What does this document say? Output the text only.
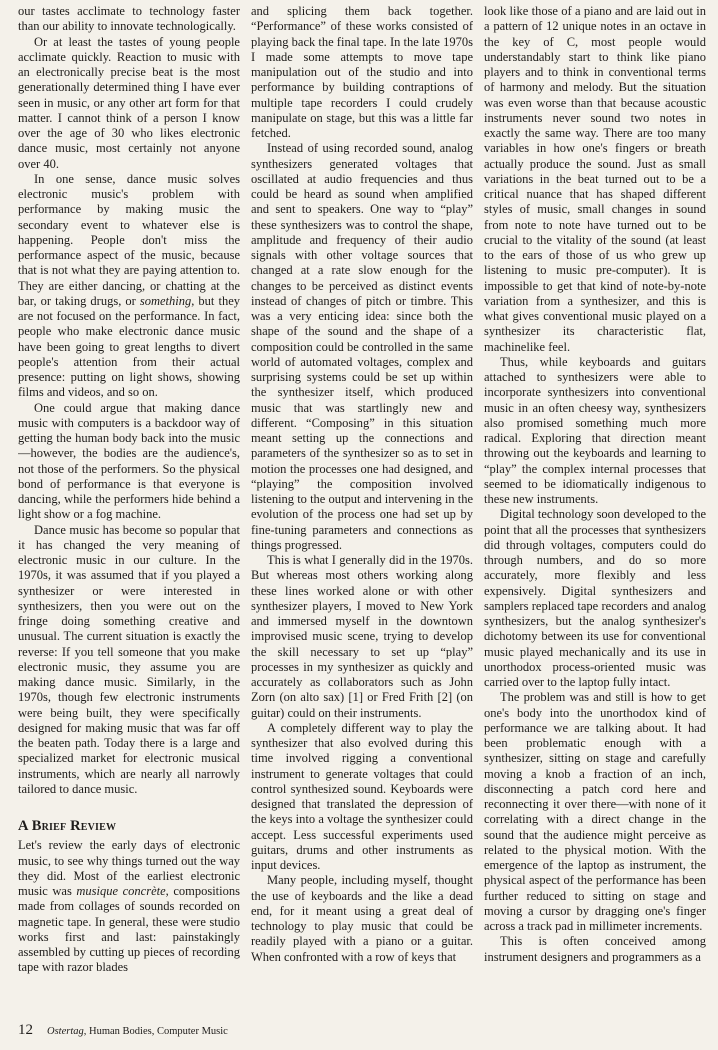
our tastes acclimate to technology faster than our ability to innovate technologically.

Or at least the tastes of young people acclimate quickly. Reaction to music with an electronically precise beat is the most generationally determined thing I have ever seen in music, or any other art form for that matter. I cannot think of a person I know over the age of 30 who likes electronic dance music, most certainly not anyone over 40.

In one sense, dance music solves electronic music's problem with performance by making music the secondary event to whatever else is happening. People don't miss the performance aspect of the music, because that is not what they are paying attention to. They are either dancing, or chatting at the bar, or taking drugs, or something, but they are not focused on the performance. In fact, people who make electronic dance music have been going to great lengths to divert people's attention from their actual presence: putting on light shows, showing films and videos, and so on.

One could argue that making dance music with computers is a backdoor way of getting the human body back into the music—however, the bodies are the audience's, not those of the performers. So the physical bond of performance is that everyone is dancing, while the performers hide behind a light show or a fog machine.

Dance music has become so popular that it has changed the very meaning of electronic music in our culture. In the 1970s, it was assumed that if you played a synthesizer or were interested in synthesizers, then you were out on the fringe doing something creative and unusual. The current situation is exactly the reverse: If you tell someone that you make electronic music, they assume you are making dance music. Similarly, in the 1970s, though few electronic instruments were being built, they were specifically designed for making music that was far off the beaten path. Today there is a large and specialized market for electronic musical instruments, which are nearly all narrowly tailored to dance music.

A Brief Review

Let's review the early days of electronic music, to see why things turned out the way they did. Most of the earliest electronic music was musique concrète, compositions made from collages of sounds recorded on magnetic tape. In general, these were studio works first and last: painstakingly assembled by cutting up pieces of recording tape with razor blades

and splicing them back together. “Performance” of these works consisted of playing back the final tape. In the late 1970s I made some attempts to move tape manipulation out of the studio and into performance by building contraptions of multiple tape recorders I could crudely manipulate on stage, but this was a little far fetched.

Instead of using recorded sound, analog synthesizers generated voltages that oscillated at audio frequencies and thus could be heard as sound when amplified and sent to speakers. One way to “play” these synthesizers was to control the shape, amplitude and frequency of their audio signals with other voltage sources that changed at a rate slow enough for the changes to be perceived as distinct events instead of changes of pitch or timbre. This was a very enticing idea: since both the shape of the sound and the shape of a composition could be controlled in the same world of automated voltages, complex and surprising systems could be set up within the synthesizer itself, which produced music that was startlingly new and different. “Composing” in this situation meant setting up the connections and parameters of the synthesizer so as to set in motion the processes one had designed, and “playing” the composition involved listening to the output and intervening in the evolution of the process one had set up by fine-tuning parameters and connections as things progressed.

This is what I generally did in the 1970s. But whereas most others working along these lines worked alone or with other synthesizer players, I moved to New York and immersed myself in the downtown improvised music scene, trying to develop the skill necessary to set up “play” processes in my synthesizer as quickly and accurately as collaborators such as John Zorn (on alto sax) [1] or Fred Frith [2] (on guitar) could on their instruments.

A completely different way to play the synthesizer that also evolved during this time involved rigging a conventional instrument to generate voltages that could control synthesized sound. Keyboards were designed that translated the depression of the keys into a voltage the synthesizer could accept. Less successful experiments used guitars, drums and other instruments as input devices.

Many people, including myself, thought the use of keyboards and the like a dead end, for it meant using a great deal of technology to play music that could be readily played with a piano or a guitar. When confronted with a row of keys that

look like those of a piano and are laid out in a pattern of 12 unique notes in an octave in the key of C, most people would understandably start to think like piano players and to think in conventional terms of harmony and melody. But the situation was even worse than that because acoustic instruments never sound two notes in exactly the same way. There are too many variables in how one's fingers or breath actually produce the sound. Just as small variations in the beat turned out to be a critical nuance that has shaped different styles of music, small changes in sound from note to note have turned out to be crucial to the vitality of the sound (at least to the ears of those of us who grew up listening to music pre-computer). It is impossible to get that kind of note-by-note variation from a synthesizer, and this is what gives conventional music played on a synthesizer its characteristic flat, machinelike feel.

Thus, while keyboards and guitars attached to synthesizers were able to incorporate synthesizers into conventional music in an often cheesy way, synthesizers also promised something much more radical. Exploring that direction meant throwing out the keyboards and learning to “play” the complex internal processes that seemed to be idiomatically indigenous to these new instruments.

Digital technology soon developed to the point that all the processes that synthesizers did through voltages, computers could do through numbers, and do so more accurately, more flexibly and less expensively. Digital synthesizers and samplers replaced tape recorders and analog synthesizers, but the analog synthesizer's dichotomy between its use for conventional music played mechanically and its use in unorthodox process-oriented music was carried over to the laptop fully intact.

The problem was and still is how to get one's body into the unorthodox kind of performance we are talking about. It had been problematic enough with a synthesizer, sitting on stage and carefully moving a knob a fraction of an inch, disconnecting a patch cord here and reconnecting it over there—with none of it correlating with a direct change in the sound that the audience might perceive as related to the physical motion. With the emergence of the laptop as instrument, the physical aspect of the performance has been further reduced to sitting on stage and moving a cursor by dragging one's finger across a track pad in millimeter increments.

This is often conceived among instrument designers and programmers as a

12 Ostertag, Human Bodies, Computer Music
